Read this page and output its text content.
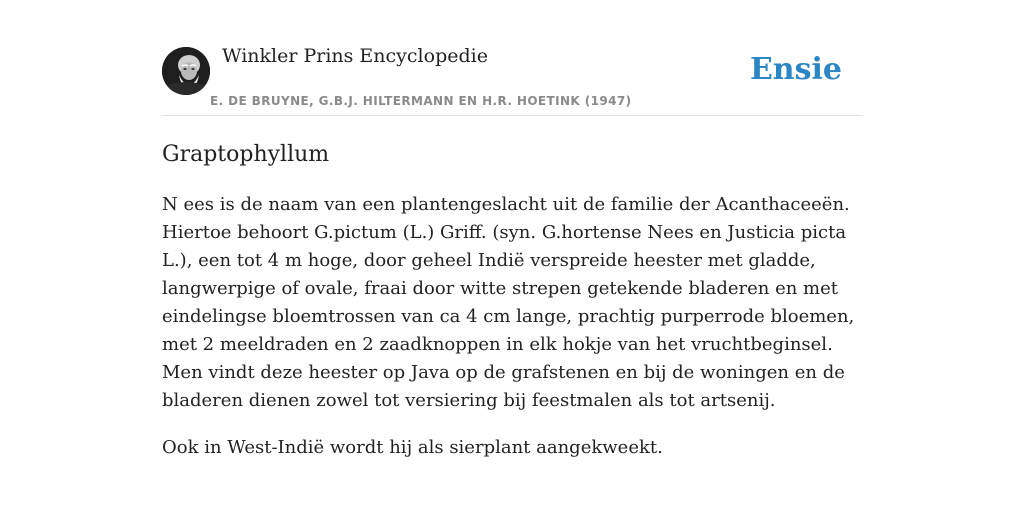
Winkler Prins Encyclopedie
E. DE BRUYNE, G.B.J. HILTERMANN EN H.R. HOETINK (1947)
Ensie
Graptophyllum

N ees is de naam van een plantengeslacht uit de familie der Acanthaceeën. Hiertoe behoort G.pictum (L.) Griff. (syn. G.hortense Nees en Justicia picta L.), een tot 4 m hoge, door geheel Indië verspreide heester met gladde, langwerpige of ovale, fraai door witte strepen getekende bladeren en met eindelingse bloemtrossen van ca 4 cm lange, prachtig purperrode bloemen, met 2 meeldraden en 2 zaadknoppen in elk hokje van het vruchtbeginsel. Men vindt deze heester op Java op de grafstenen en bij de woningen en de bladeren dienen zowel tot versiering bij feestmalen als tot artsenij.

Ook in West-Indië wordt hij als sierplant aangekweekt.
